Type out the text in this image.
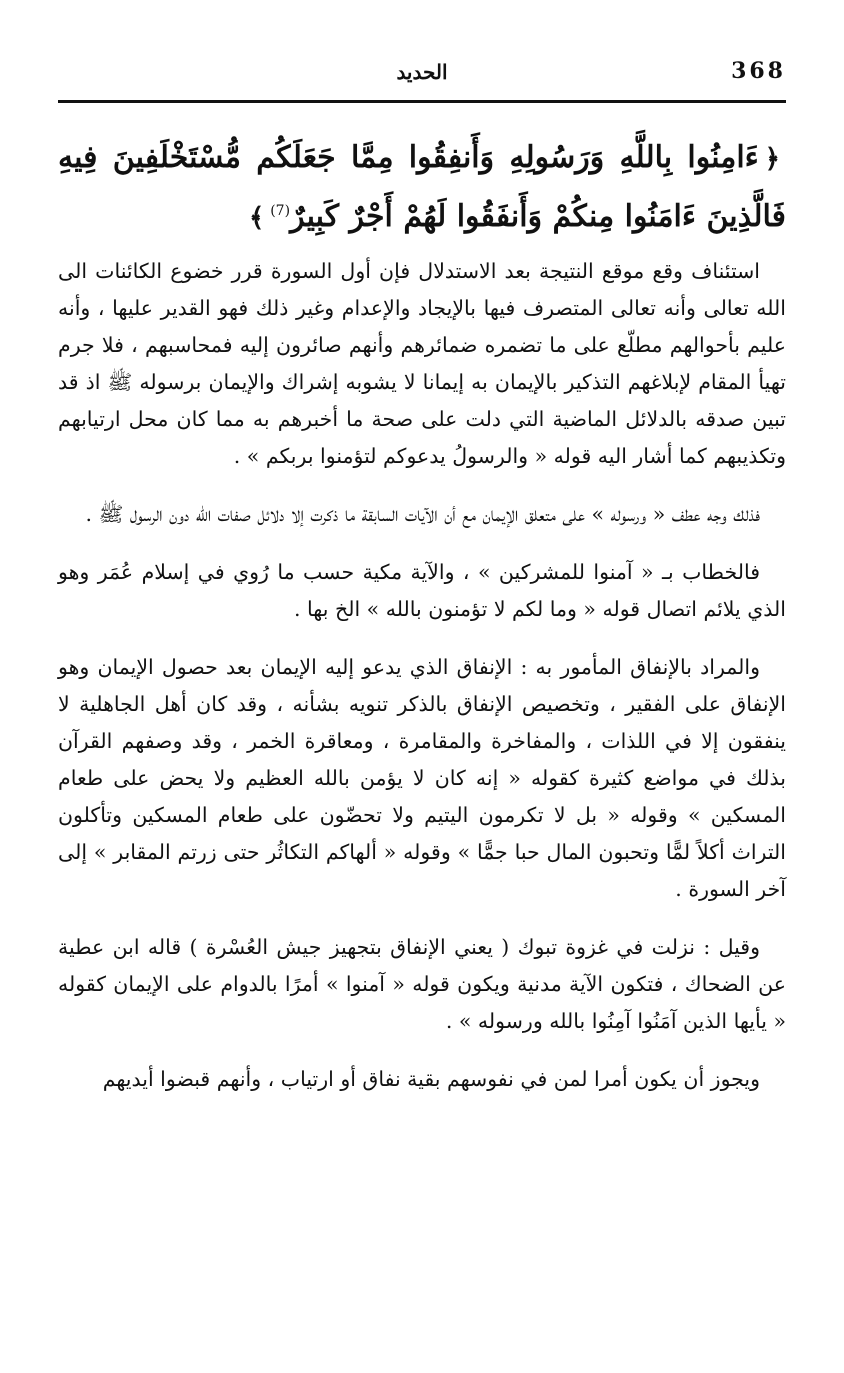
368
الحديد
﴿ءَامِنُوا بِاللَّهِ وَرَسُولِهِ وَأَنفِقُوا مِمَّا جَعَلَكُم مُّسْتَخْلَفِينَ فِيهِ فَالَّذِينَ ءَامَنُوا مِنكُمْ وَأَنفَقُوا لَهُمْ أَجْرٌ كَبِيرٌ$^{(7)}$﴾

استئناف وقع موقع النتيجة بعد الاستدلال فإن أول السورة قرر خضوع الكائنات الى الله تعالى وأنه تعالى المتصرف فيها بالإيجاد والإعدام وغير ذلك فهو القدير عليها ، وأنه عليم بأحوالهم مطلّع على ما تضمره ضمائرهم وأنهم صائرون إليه فمحاسبهم ، فلا جرم تهيأ المقام لإبلاغهم التذكير بالإيمان به إيمانا لا يشوبه إشراك والإيمان برسوله ﷺ اذ قد تبين صدقه بالدلائل الماضية التي دلت على صحة ما أخبرهم به مما كان محل ارتيابهم وتكذيبهم كما أشار اليه قوله « والرسولُ يدعوكم لتؤمنوا بربكم » .

فذلك وجه عطف « ورسوله » على متعلق الإيمان مع أن الآيات السابقة ما ذكرت إلا دلائل صفات الله دون الرسول ﷺ .

فالخطاب بـ « آمنوا للمشركين » ، والآية مكية حسب ما رُوي في إسلام عُمَر وهو الذي يلائم اتصال قوله « وما لكم لا تؤمنون بالله » الخ بها .

والمراد بالإنفاق المأمور به : الإنفاق الذي يدعو إليه الإيمان بعد حصول الإيمان وهو الإنفاق على الفقير ، وتخصيص الإنفاق بالذكر تنويه بشأنه ، وقد كان أهل الجاهلية لا ينفقون إلا في اللذات ، والمفاخرة والمقامرة ، ومعاقرة الخمر ، وقد وصفهم القرآن بذلك في مواضع كثيرة كقوله « إنه كان لا يؤمن بالله العظيم ولا يحض على طعام المسكين » وقوله « بل لا تكرمون اليتيم ولا تحضّون على طعام المسكين وتأكلون التراث أكلاً لمًّا وتحبون المال حبا جمًّا » وقوله « ألهاكم التكاثُر حتى زرتم المقابر » إلى آخر السورة .

وقيل : نزلت في غزوة تبوك ( يعني الإنفاق بتجهيز جيش العُسْرة ) قاله ابن عطية عن الضحاك ، فتكون الآية مدنية ويكون قوله « آمنوا » أمرًا بالدوام على الإيمان كقوله « يأيها الذين آمَنُوا آمِنُوا بالله ورسوله » .

ويجوز أن يكون أمرا لمن في نفوسهم بقية نفاق أو ارتياب ، وأنهم قبضوا أيديهم
